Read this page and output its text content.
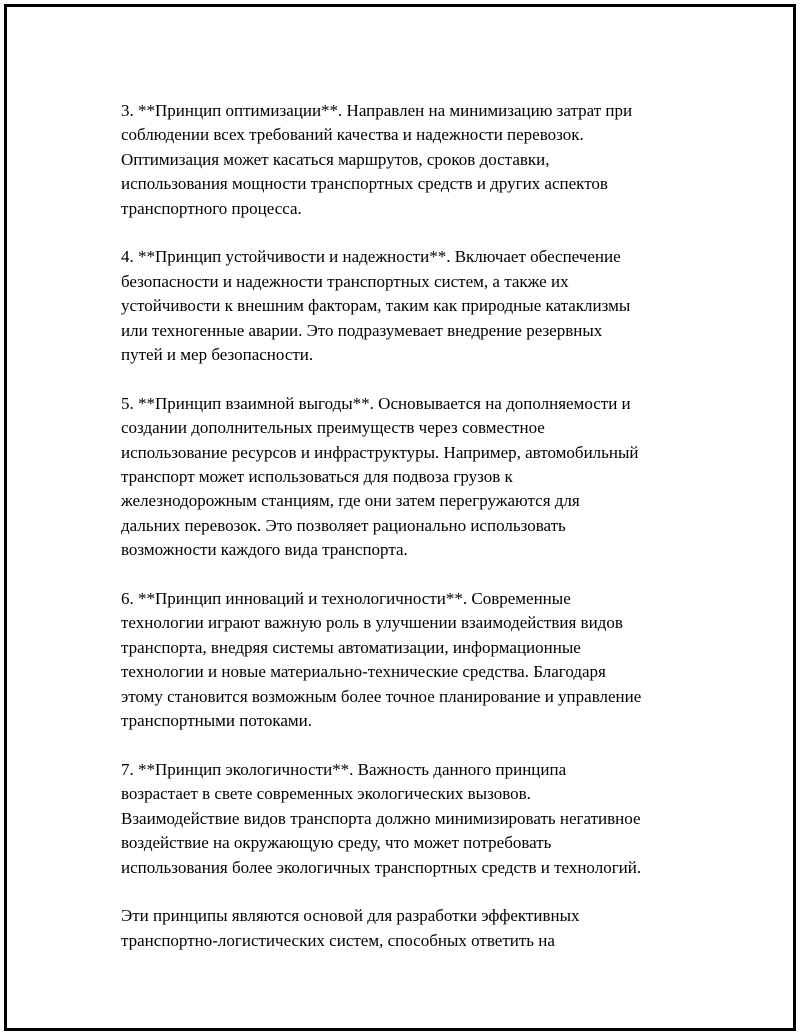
3. **Принцип оптимизации**. Направлен на минимизацию затрат при
соблюдении всех требований качества и надежности перевозок.
Оптимизация может касаться маршрутов, сроков доставки,
использования мощности транспортных средств и других аспектов
транспортного процесса.

4. **Принцип устойчивости и надежности**. Включает обеспечение
безопасности и надежности транспортных систем, а также их
устойчивости к внешним факторам, таким как природные катаклизмы
или техногенные аварии. Это подразумевает внедрение резервных
путей и мер безопасности.

5. **Принцип взаимной выгоды**. Основывается на дополняемости и
создании дополнительных преимуществ через совместное
использование ресурсов и инфраструктуры. Например, автомобильный
транспорт может использоваться для подвоза грузов к
железнодорожным станциям, где они затем перегружаются для
дальних перевозок. Это позволяет рационально использовать
возможности каждого вида транспорта.

6. **Принцип инноваций и технологичности**. Современные
технологии играют важную роль в улучшении взаимодействия видов
транспорта, внедряя системы автоматизации, информационные
технологии и новые материально-технические средства. Благодаря
этому становится возможным более точное планирование и управление
транспортными потоками.

7. **Принцип экологичности**. Важность данного принципа
возрастает в свете современных экологических вызовов.
Взаимодействие видов транспорта должно минимизировать негативное
воздействие на окружающую среду, что может потребовать
использования более экологичных транспортных средств и технологий.

Эти принципы являются основой для разработки эффективных
транспортно-логистических систем, способных ответить на
